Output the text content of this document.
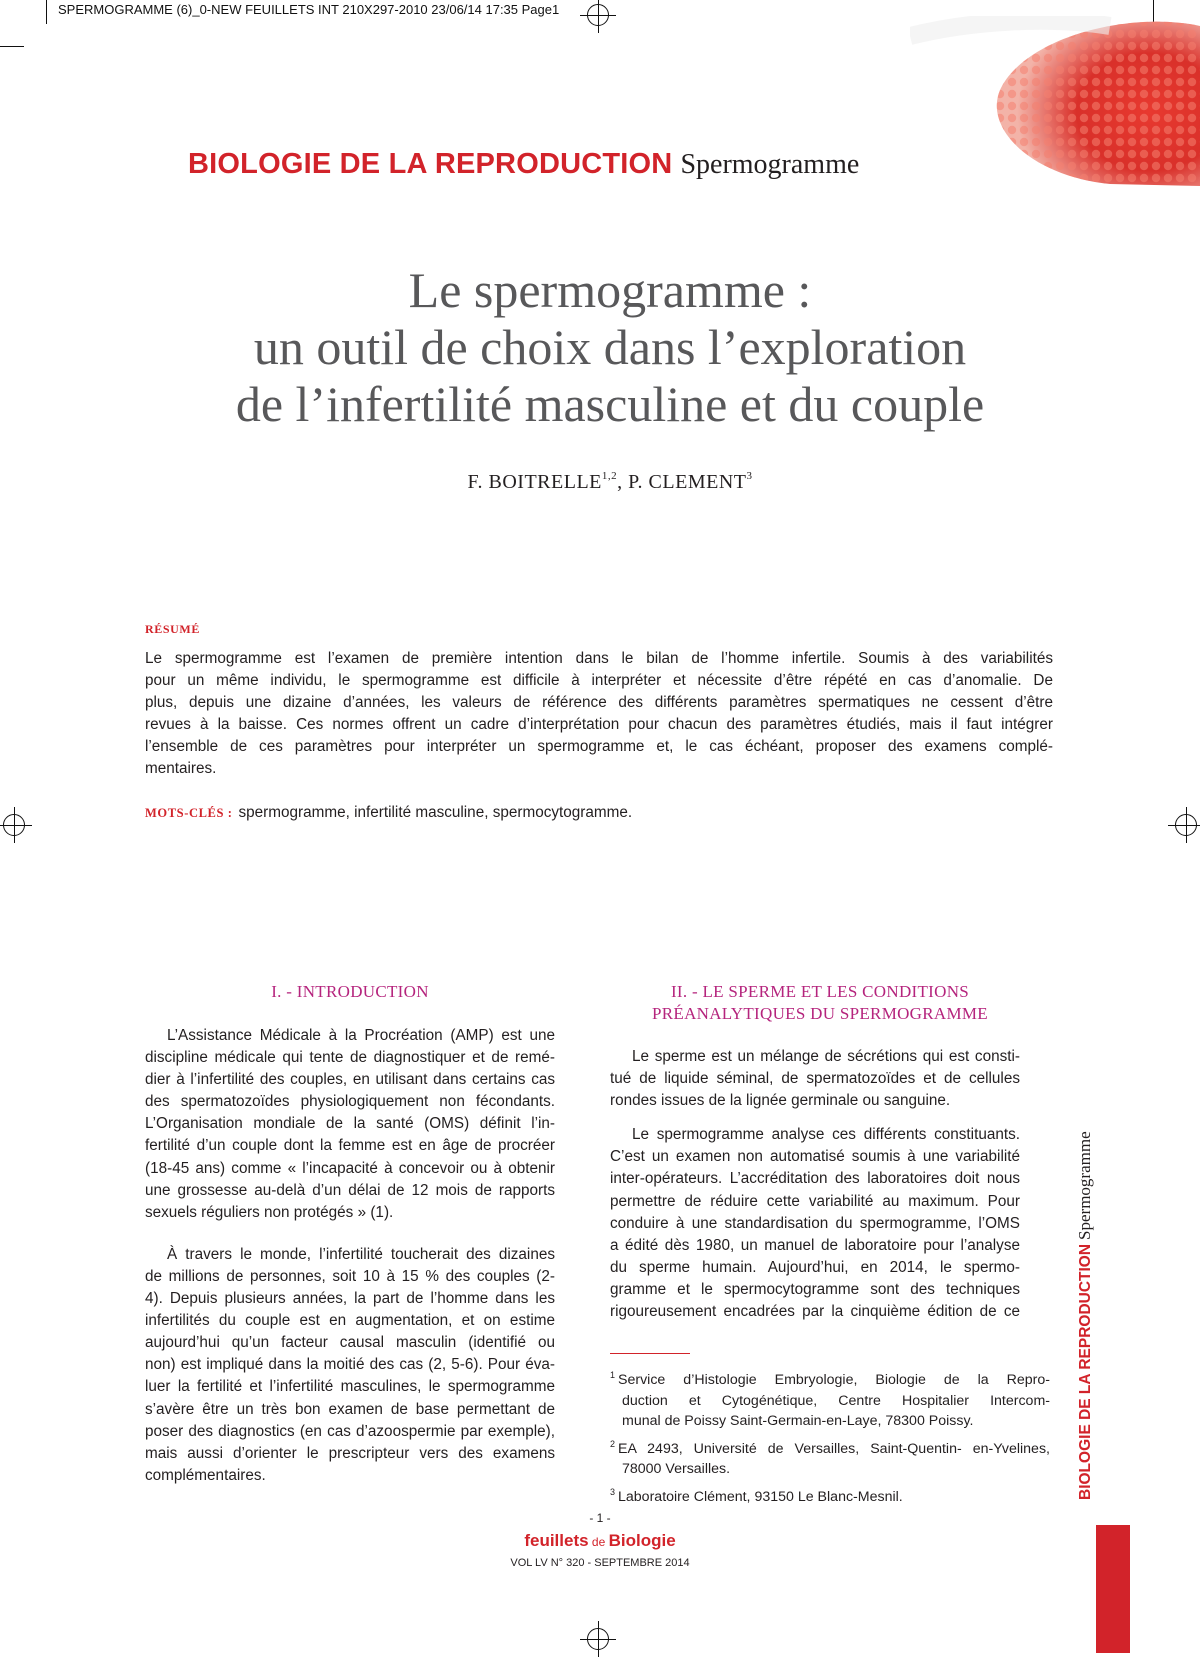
SPERMOGRAMME (6)_0-NEW FEUILLETS INT 210X297-2010 23/06/14 17:35 Page1
BIOLOGIE DE LA REPRODUCTION Spermogramme
Le spermogramme :
un outil de choix dans l’exploration
de l’infertilité masculine et du couple
F. BOITRELLE$^{1,2}$, P. CLEMENT$^3$
RÉSUMÉ
Le spermogramme est l’examen de première intention dans le bilan de l’homme infertile. Soumis à des variabilités
pour un même individu, le spermogramme est difficile à interpréter et nécessite d’être répété en cas d’anomalie. De
plus, depuis une dizaine d’années, les valeurs de référence des différents paramètres spermatiques ne cessent d’être
revues à la baisse. Ces normes offrent un cadre d’interprétation pour chacun des paramètres étudiés, mais il faut intégrer
l’ensemble de ces paramètres pour interpréter un spermogramme et, le cas échéant, proposer des examens complé-
mentaires.
MOTS-CLÉS : spermogramme, infertilité masculine, spermocytogramme.
I. - INTRODUCTION	II. - LE SPERME ET LES CONDITIONS
PRÉANALYTIQUES DU SPERMOGRAMME
L’Assistance Médicale à la Procréation (AMP) est une
discipline médicale qui tente de diagnostiquer et de remé-
dier à l’infertilité des couples, en utilisant dans certains cas
des spermatozoïdes physiologiquement non fécondants.
L’Organisation mondiale de la santé (OMS) définit l’in-
fertilité d’un couple dont la femme est en âge de procréer
(18-45 ans) comme « l’incapacité à concevoir ou à obtenir
une grossesse au-delà d’un délai de 12 mois de rapports
sexuels réguliers non protégés » (1).
À travers le monde, l’infertilité toucherait des dizaines
de millions de personnes, soit 10 à 15 % des couples (2-
4). Depuis plusieurs années, la part de l’homme dans les
infertilités du couple est en augmentation, et on estime
aujourd’hui qu’un facteur causal masculin (identifié ou
non) est impliqué dans la moitié des cas (2, 5-6). Pour éva-
luer la fertilité et l’infertilité masculines, le spermogramme
s’avère être un très bon examen de base permettant de
poser des diagnostics (en cas d’azoospermie par exemple),
mais aussi d’orienter le prescripteur vers des examens
complémentaires.
Le sperme est un mélange de sécrétions qui est consti-
tué de liquide séminal, de spermatozoïdes et de cellules
rondes issues de la lignée germinale ou sanguine.
Le spermogramme analyse ces différents constituants.
C’est un examen non automatisé soumis à une variabilité
inter-opérateurs. L’accréditation des laboratoires doit nous
permettre de réduire cette variabilité au maximum. Pour
conduire à une standardisation du spermogramme, l’OMS
a édité dès 1980, un manuel de laboratoire pour l’analyse
du sperme humain. Aujourd’hui, en 2014, le spermo-
gramme et le spermocytogramme sont des techniques
rigoureusement encadrées par la cinquième édition de ce
$^1$ Service d’Histologie Embryologie, Biologie de la Repro-
duction et Cytogénétique, Centre Hospitalier Intercom-
munal de Poissy Saint-Germain-en-Laye, 78300 Poissy.
$^2$ EA 2493, Université de Versailles, Saint-Quentin- en-Yvelines,
78000 Versailles.
$^3$ Laboratoire Clément, 93150 Le Blanc-Mesnil.	BIOLOGIE DE LA REPRODUCTIONSpermogramme
- 1 -
feuillets de Biologie
VOL LV N° 320 - SEPTEMBRE 2014
